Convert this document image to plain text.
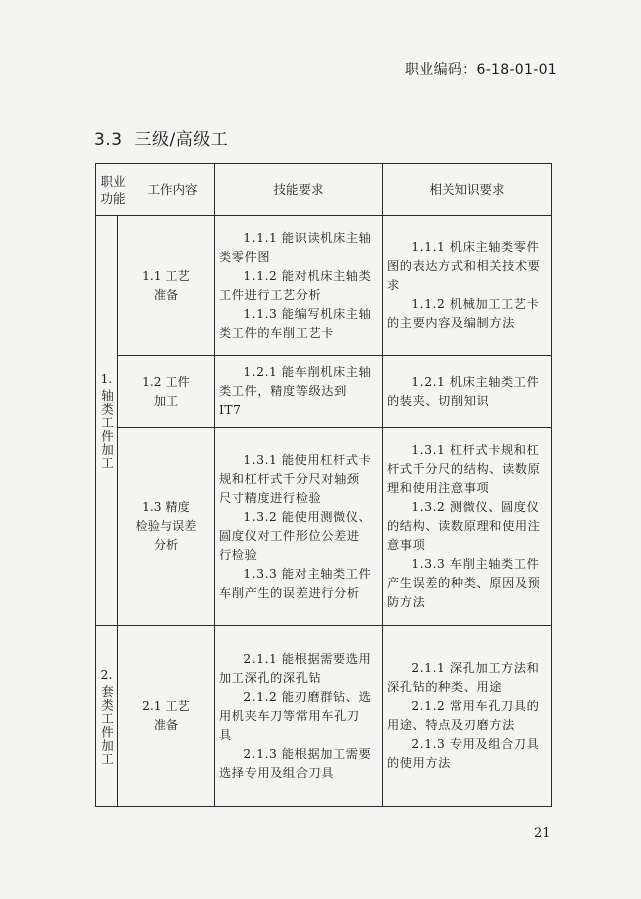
职业编码：6-18-01-01
3.3 三级/高级工
职业
功能
工作内容	技能要求	相关知识要求
1.
轴类工件加工
2.
套类工件加工
1.1 工艺
准备

1.1.1 能识读机床主轴类零件图

1.1.2 能对机床主轴类工件进行工艺分析

1.1.3 能编写机床主轴类工件的车削工艺卡

1.1.1 机床主轴类零件图的表达方式和相关技术要求

1.1.2 机械加工工艺卡的主要内容及编制方法

1.2 工件
加工

1.2.1 能车削机床主轴类工件，精度等级达到 IT7

1.2.1 机床主轴类工件的装夹、切削知识

1.3 精度
检验与误差
分析

1.3.1 能使用杠杆式卡规和杠杆式千分尺对轴颈尺寸精度进行检验

1.3.2 能使用测微仪、圆度仪对工件形位公差进行检验

1.3.3 能对主轴类工件车削产生的误差进行分析

1.3.1 杠杆式卡规和杠杆式千分尺的结构、读数原理和使用注意事项

1.3.2 测微仪、圆度仪的结构、读数原理和使用注意事项

1.3.3 车削主轴类工件产生误差的种类、原因及预防方法

2.1 工艺
准备

2.1.1 能根据需要选用加工深孔的深孔钻

2.1.2 能刃磨群钻、选用机夹车刀等常用车孔刀具

2.1.3 能根据加工需要选择专用及组合刀具

2.1.1 深孔加工方法和深孔钻的种类、用途

2.1.2 常用车孔刀具的用途、特点及刃磨方法

2.1.3 专用及组合刀具的使用方法

21
